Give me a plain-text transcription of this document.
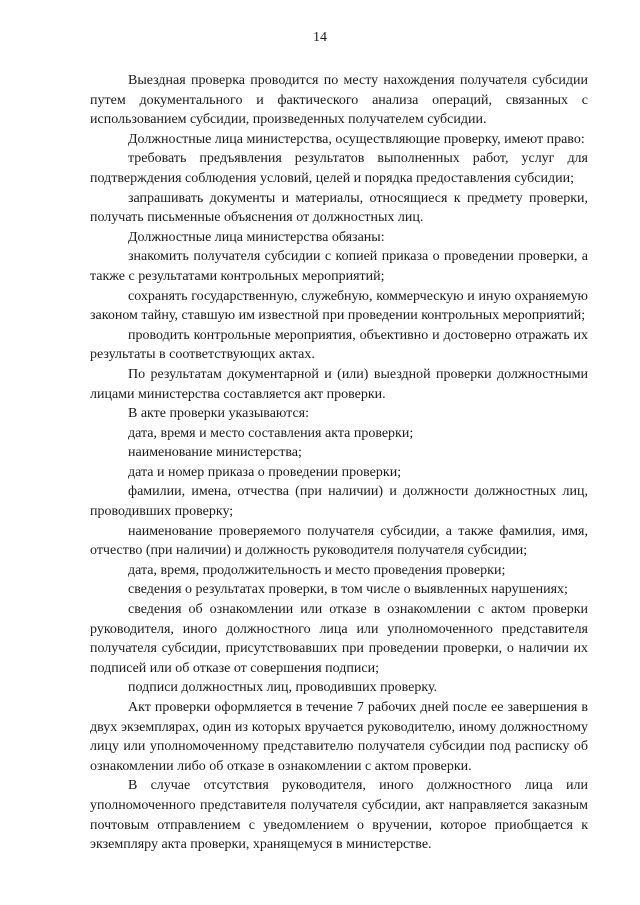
14

Выездная проверка проводится по месту нахождения получателя субсидии путем документального и фактического анализа операций, связанных с использованием субсидии, произведенных получателем субсидии.

Должностные лица министерства, осуществляющие проверку, имеют право:

требовать предъявления результатов выполненных работ, услуг для подтверждения соблюдения условий, целей и порядка предоставления субсидии;

запрашивать документы и материалы, относящиеся к предмету проверки, получать письменные объяснения от должностных лиц.

Должностные лица министерства обязаны:

знакомить получателя субсидии с копией приказа о проведении проверки, а также с результатами контрольных мероприятий;

сохранять государственную, служебную, коммерческую и иную охраняемую законом тайну, ставшую им известной при проведении контрольных мероприятий;

проводить контрольные мероприятия, объективно и достоверно отражать их результаты в соответствующих актах.

По результатам документарной и (или) выездной проверки должностными лицами министерства составляется акт проверки.

В акте проверки указываются:

дата, время и место составления акта проверки;

наименование министерства;

дата и номер приказа о проведении проверки;

фамилии, имена, отчества (при наличии) и должности должностных лиц, проводивших проверку;

наименование проверяемого получателя субсидии, а также фамилия, имя, отчество (при наличии) и должность руководителя получателя субсидии;

дата, время, продолжительность и место проведения проверки;

сведения о результатах проверки, в том числе о выявленных нарушениях;

сведения об ознакомлении или отказе в ознакомлении с актом проверки руководителя, иного должностного лица или уполномоченного представителя получателя субсидии, присутствовавших при проведении проверки, о наличии их подписей или об отказе от совершения подписи;

подписи должностных лиц, проводивших проверку.

Акт проверки оформляется в течение 7 рабочих дней после ее завершения в двух экземплярах, один из которых вручается руководителю, иному должностному лицу или уполномоченному представителю получателя субсидии под расписку об ознакомлении либо об отказе в ознакомлении с актом проверки.

В случае отсутствия руководителя, иного должностного лица или уполномоченного представителя получателя субсидии, акт направляется заказным почтовым отправлением с уведомлением о вручении, которое приобщается к экземпляру акта проверки, хранящемуся в министерстве.
